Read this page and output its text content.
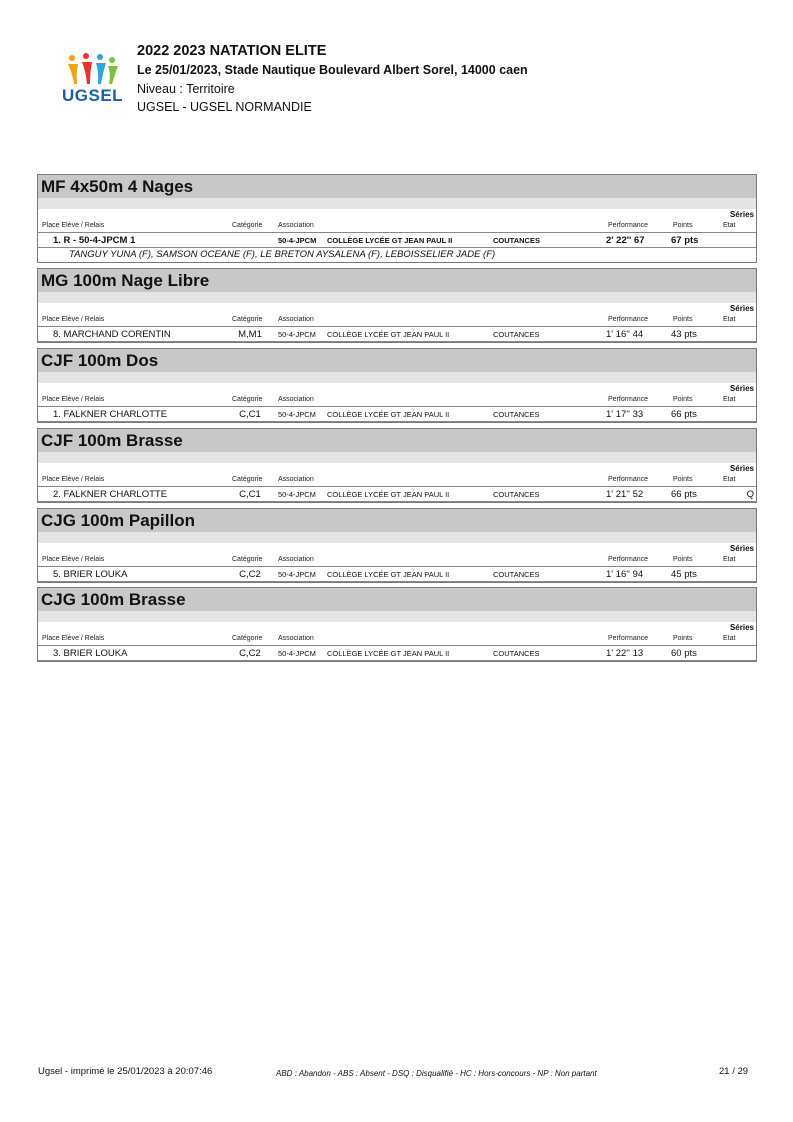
UGSEL
2022 2023 NATATION ELITE
Le 25/01/2023, Stade Nautique Boulevard Albert Sorel, 14000 caen
Niveau : Territoire
UGSEL - UGSEL NORMANDIE
MF 4x50m 4 Nages
Séries
Place Elève / Relais	Catégorie Association	Performance	Points	Etat
1. R - 50-4-JPCM 1	50-4-JPCM COLLÈGE LYCÉE GT JEAN PAUL II	COUTANCES	2' 22'' 67	67 pts
TANGUY YUNA (F), SAMSON OCEANE (F), LE BRETON AYSALENA (F), LEBOISSELIER JADE (F)
MG 100m Nage Libre
Séries
Place Elève / Relais	Catégorie Association	Performance	Points	Etat
8. MARCHAND CORENTIN	M,M1	50-4-JPCM COLLÈGE LYCÉE GT JEAN PAUL II	COUTANCES	1' 16'' 44	43 pts
CJF 100m Dos
Séries
Place Elève / Relais	Catégorie Association	Performance	Points	Etat
1. FALKNER CHARLOTTE	C,C1	50-4-JPCM COLLÈGE LYCÉE GT JEAN PAUL II	COUTANCES	1' 17'' 33	66 pts
CJF 100m Brasse
Séries
Place Elève / Relais	Catégorie Association	Performance	Points	Etat
2. FALKNER CHARLOTTE	C,C1	50-4-JPCM COLLÈGE LYCÉE GT JEAN PAUL II	COUTANCES	1' 21'' 52	66 pts	Q
CJG 100m Papillon
Séries
Place Elève / Relais	Catégorie Association	Performance	Points	Etat
5. BRIER LOUKA	C,C2	50-4-JPCM COLLÈGE LYCÉE GT JEAN PAUL II	COUTANCES	1' 16'' 94	45 pts
CJG 100m Brasse
Séries
Place Elève / Relais	Catégorie Association	Performance	Points	Etat
3. BRIER LOUKA	C,C2	50-4-JPCM COLLÈGE LYCÉE GT JEAN PAUL II	COUTANCES	1' 22'' 13	60 pts
Ugsel - imprimé le 25/01/2023 à 20:07:46	ABD : Abandon - ABS : Absent - DSQ : Disqualifié - HC : Hors-concours - NP : Non partant	21 / 29
